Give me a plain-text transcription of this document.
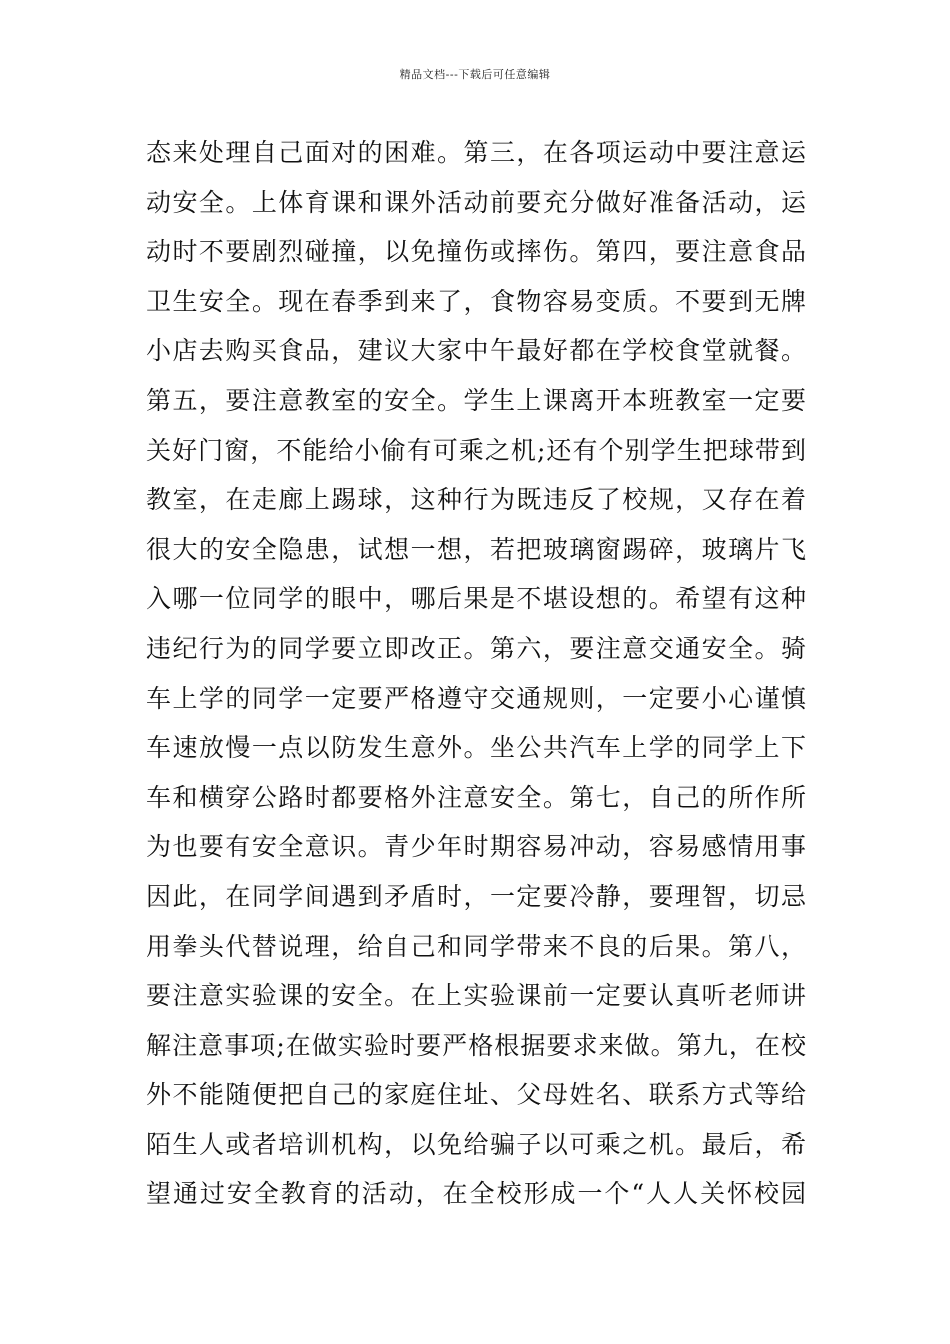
精品文档---下载后可任意编辑
态来处理自己面对的困难。第三，在各项运动中要注意运
动安全。上体育课和课外活动前要充分做好准备活动，运
动时不要剧烈碰撞，以免撞伤或摔伤。第四，要注意食品
卫生安全。现在春季到来了，食物容易变质。不要到无牌
小店去购买食品，建议大家中午最好都在学校食堂就餐。
第五，要注意教室的安全。学生上课离开本班教室一定要
关好门窗，不能给小偷有可乘之机;还有个别学生把球带到
教室，在走廊上踢球，这种行为既违反了校规，又存在着
很大的安全隐患，试想一想，若把玻璃窗踢碎，玻璃片飞
入哪一位同学的眼中，哪后果是不堪设想的。希望有这种
违纪行为的同学要立即改正。第六，要注意交通安全。骑
车上学的同学一定要严格遵守交通规则，一定要小心谨慎
车速放慢一点以防发生意外。坐公共汽车上学的同学上下
车和横穿公路时都要格外注意安全。第七，自己的所作所
为也要有安全意识。青少年时期容易冲动，容易感情用事
因此，在同学间遇到矛盾时，一定要冷静，要理智，切忌
用拳头代替说理，给自己和同学带来不良的后果。第八，
要注意实验课的安全。在上实验课前一定要认真听老师讲
解注意事项;在做实验时要严格根据要求来做。第九，在校
外不能随便把自己的家庭住址、父母姓名、联系方式等给
陌生人或者培训机构，以免给骗子以可乘之机。最后，希
望通过安全教育的活动，在全校形成一个“人人关怀校园
